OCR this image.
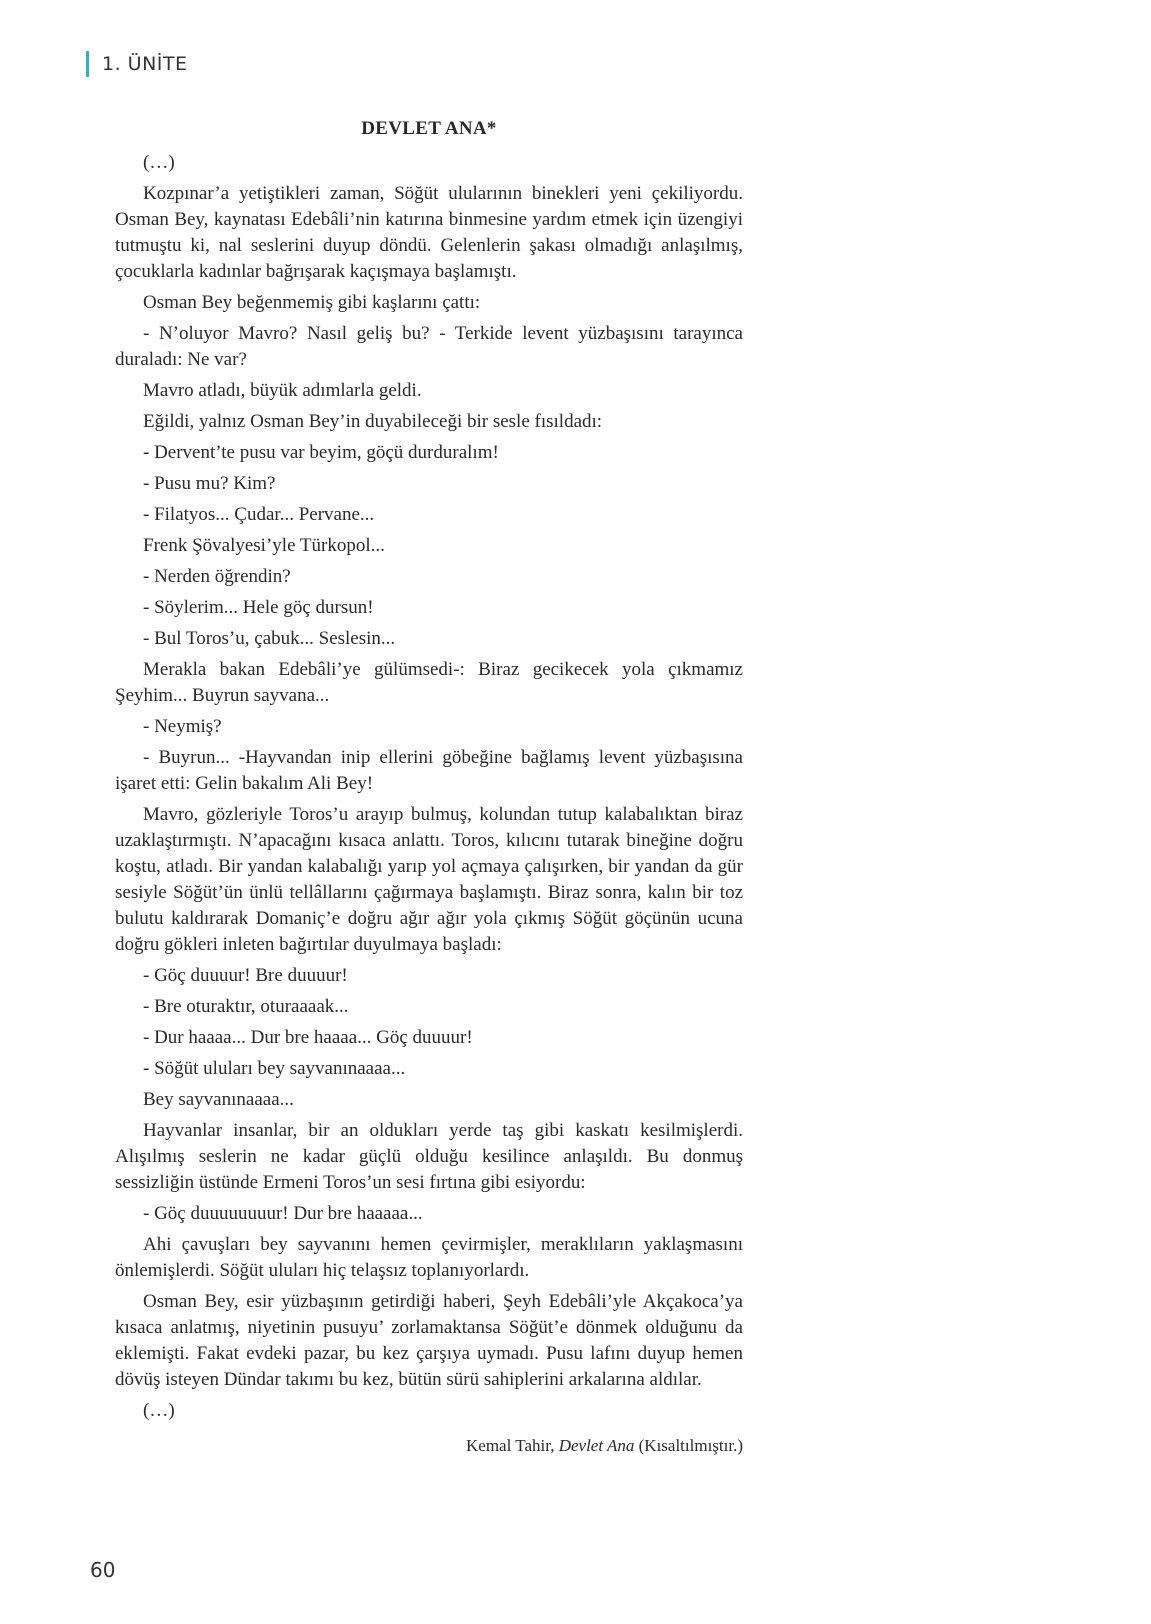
1. ÜNİTE
DEVLET ANA*

(…)

Kozpınar’a yetiştikleri zaman, Söğüt ulularının binekleri yeni çekiliyordu. Osman Bey, kaynatası Edebâli’nin katırına binmesine yardım etmek için üzengiyi tutmuştu ki, nal seslerini duyup döndü. Gelenlerin şakası olmadığı anlaşılmış, çocuklarla kadınlar bağrışarak kaçışmaya başlamıştı.

Osman Bey beğenmemiş gibi kaşlarını çattı:

- N’oluyor Mavro? Nasıl geliş bu? - Terkide levent yüzbaşısını tarayınca duraladı: Ne var?

Mavro atladı, büyük adımlarla geldi.

Eğildi, yalnız Osman Bey’in duyabileceği bir sesle fısıldadı:

- Dervent’te pusu var beyim, göçü durduralım!

- Pusu mu? Kim?

- Filatyos... Çudar... Pervane...

Frenk Şövalyesi’yle Türkopol...

- Nerden öğrendin?

- Söylerim... Hele göç dursun!

- Bul Toros’u, çabuk... Seslesin...

Merakla bakan Edebâli’ye gülümsedi-: Biraz gecikecek yola çıkmamız Şeyhim... Buyrun sayvana...

- Neymiş?

- Buyrun... -Hayvandan inip ellerini göbeğine bağlamış levent yüzbaşısına işaret etti: Gelin bakalım Ali Bey!

Mavro, gözleriyle Toros’u arayıp bulmuş, kolundan tutup kalabalıktan biraz uzaklaştırmıştı. N’apacağını kısaca anlattı. Toros, kılıcını tutarak bineğine doğru koştu, atladı. Bir yandan kalabalığı yarıp yol açmaya çalışırken, bir yandan da gür sesiyle Söğüt’ün ünlü tellâllarını çağırmaya başlamıştı. Biraz sonra, kalın bir toz bulutu kaldırarak Domaniç’e doğru ağır ağır yola çıkmış Söğüt göçünün ucuna doğru gökleri inleten bağırtılar duyulmaya başladı:

- Göç duuuur! Bre duuuur!

- Bre oturaktır, oturaaaak...

- Dur haaaa... Dur bre haaaa... Göç duuuur!

- Söğüt uluları bey sayvanınaaaa...

Bey sayvanınaaaa...

Hayvanlar insanlar, bir an oldukları yerde taş gibi kaskatı kesilmişlerdi. Alışılmış seslerin ne kadar güçlü olduğu kesilince anlaşıldı. Bu donmuş sessizliğin üstünde Ermeni Toros’un sesi fırtına gibi esiyordu:

- Göç duuuuuuuur! Dur bre haaaaa...

Ahi çavuşları bey sayvanını hemen çevirmişler, meraklıların yaklaşmasını önlemişlerdi. Söğüt uluları hiç telaşsız toplanıyorlardı.

Osman Bey, esir yüzbaşının getirdiği haberi, Şeyh Edebâli’yle Akçakoca’ya kısaca anlatmış, niyetinin pusuyu’ zorlamaktansa Söğüt’e dönmek olduğunu da eklemişti. Fakat evdeki pazar, bu kez çarşıya uymadı. Pusu lafını duyup hemen dövüş isteyen Dündar takımı bu kez, bütün sürü sahiplerini arkalarına aldılar.

(…)

Kemal Tahir, Devlet Ana (Kısaltılmıştır.)
60
